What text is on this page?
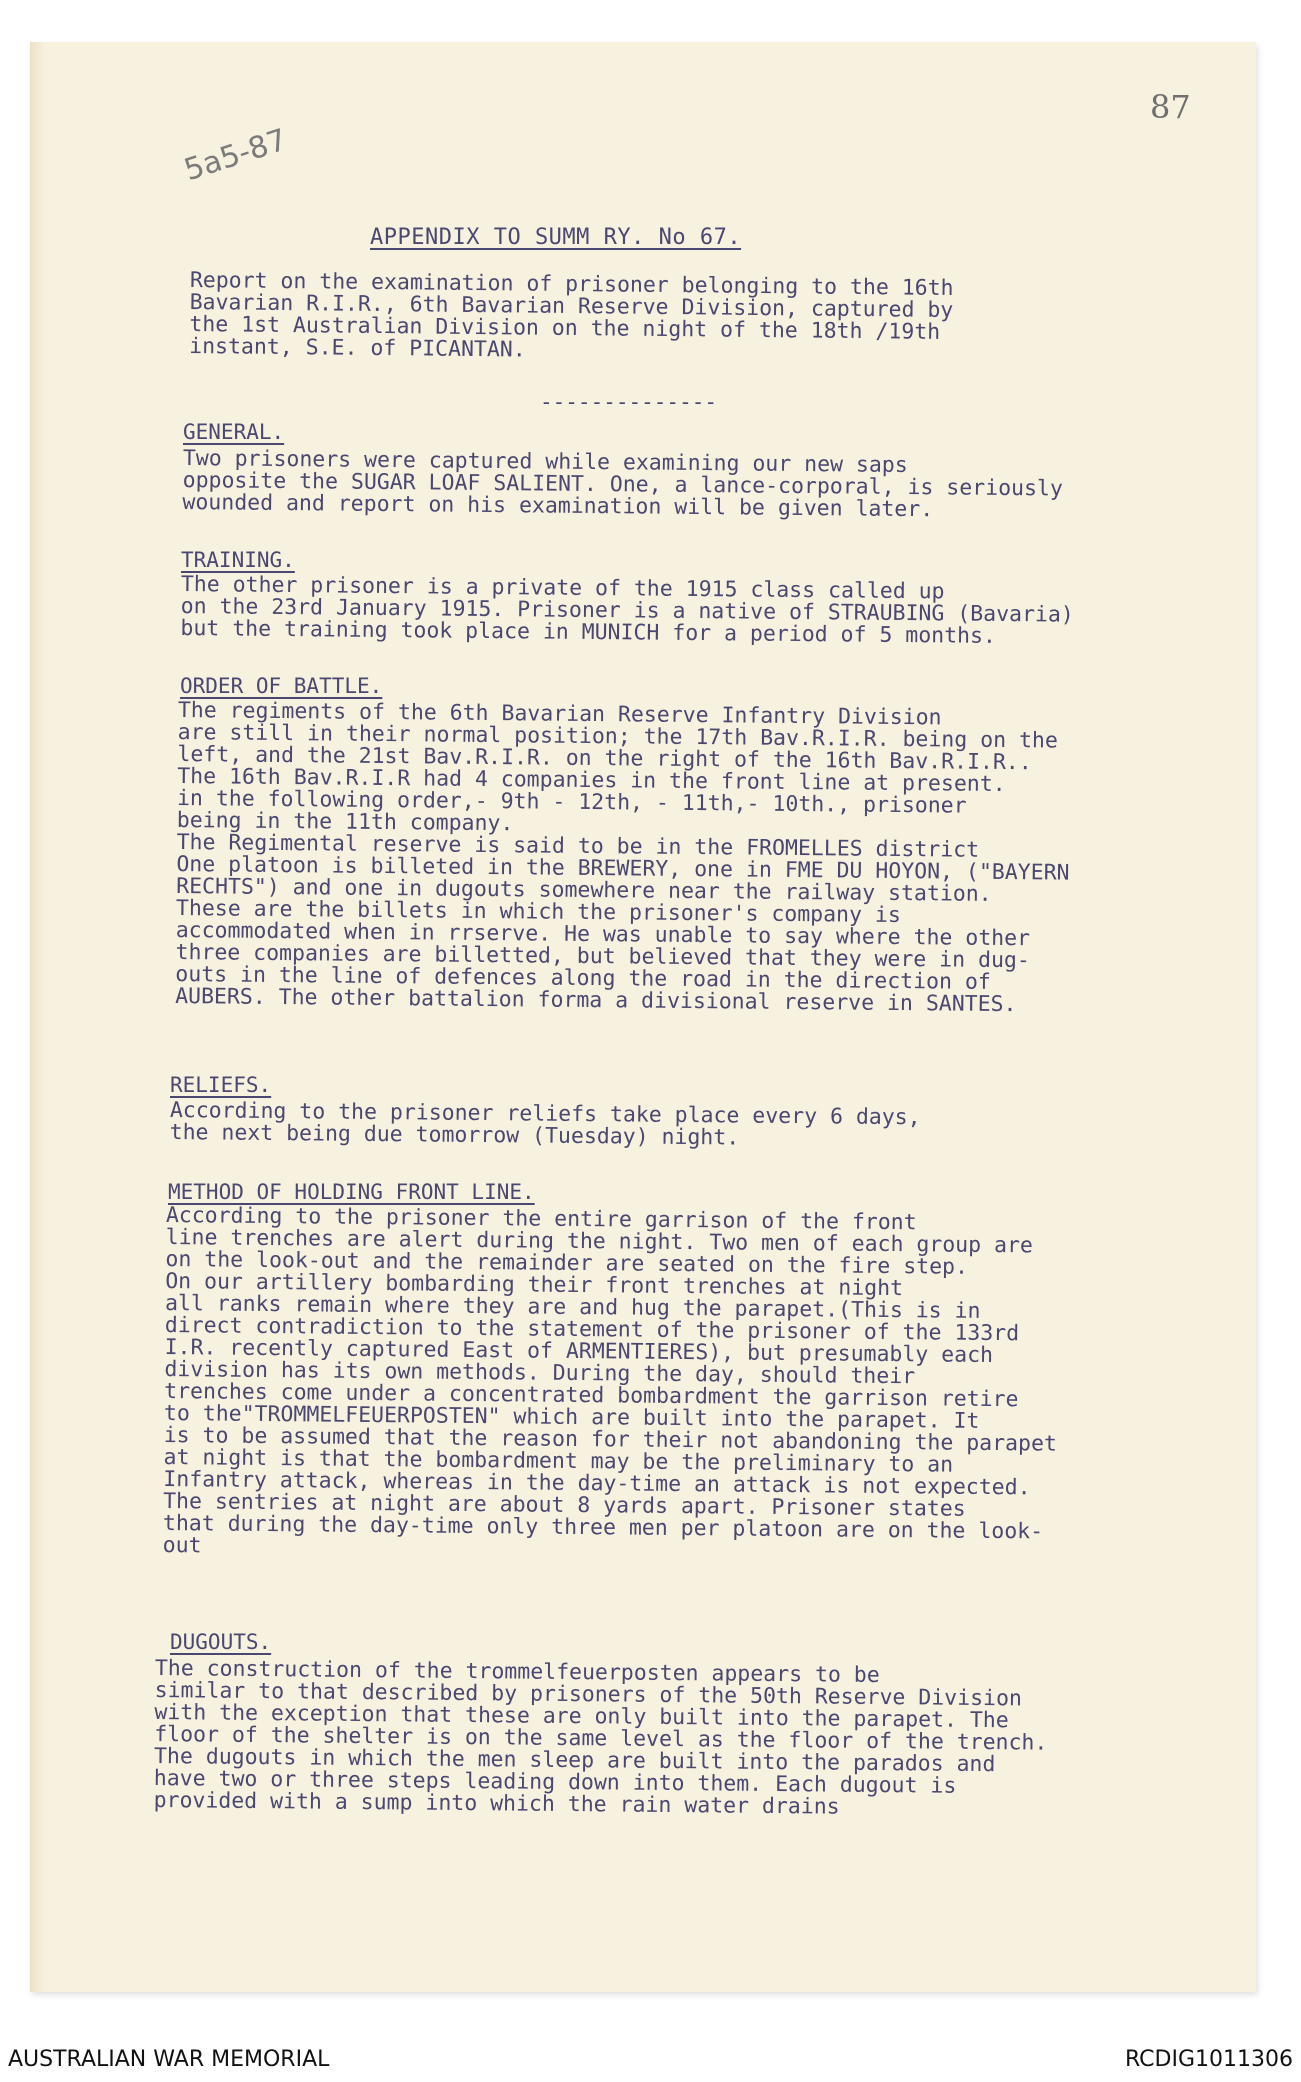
87
5a5-87
APPENDIX TO SUMM RY. No 67.
Report on the examination of prisoner belonging to the 16th
Bavarian R.I.R., 6th Bavarian Reserve Division, captured by
the 1st Australian Division on the night of the 18th /19th
instant, S.E. of PICANTAN.
--------------
GENERAL.
Two prisoners were captured while examining our new saps
opposite the SUGAR LOAF SALIENT. One, a lance-corporal, is seriously
wounded and report on his examination will be given later.
TRAINING.
The other prisoner is a private of the 1915 class called up
on the 23rd January 1915. Prisoner is a native of STRAUBING (Bavaria)
but the training took place in MUNICH for a period of 5 months.
ORDER OF BATTLE.
The regiments of the 6th Bavarian Reserve Infantry Division
are still in their normal position; the 17th Bav.R.I.R. being on the
left, and the 21st Bav.R.I.R. on the right of the 16th Bav.R.I.R..
The 16th Bav.R.I.R had 4 companies in the front line at present.
in the following order,- 9th - 12th, - 11th,- 10th., prisoner
being in the 11th company.
The Regimental reserve is said to be in the FROMELLES district
One platoon is billeted in the BREWERY, one in FME DU HOYON, ("BAYERN
RECHTS") and one in dugouts somewhere near the railway station.
These are the billets in which the prisoner's company is
accommodated when in rrserve. He was unable to say where the other
three companies are billetted, but believed that they were in dug-
outs in the line of defences along the road in the direction of
AUBERS. The other battalion forma a divisional reserve in SANTES.
RELIEFS.
According to the prisoner reliefs take place every 6 days,
the next being due tomorrow (Tuesday) night.
METHOD OF HOLDING FRONT LINE.
According to the prisoner the entire garrison of the front
line trenches are alert during the night. Two men of each group are
on the look-out and the remainder are seated on the fire step.
On our artillery bombarding their front trenches at night
all ranks remain where they are and hug the parapet.(This is in
direct contradiction to the statement of the prisoner of the 133rd
I.R. recently captured East of ARMENTIERES), but presumably each
division has its own methods. During the day, should their
trenches come under a concentrated bombardment the garrison retire
to the"TROMMELFEUERPOSTEN" which are built into the parapet. It
is to be assumed that the reason for their not abandoning the parapet
at night is that the bombardment may be the preliminary to an
Infantry attack, whereas in the day-time an attack is not expected.
The sentries at night are about 8 yards apart. Prisoner states
that during the day-time only three men per platoon are on the look-
out
DUGOUTS.
The construction of the trommelfeuerposten appears to be
similar to that described by prisoners of the 50th Reserve Division
with the exception that these are only built into the parapet. The
floor of the shelter is on the same level as the floor of the trench.
The dugouts in which the men sleep are built into the parados and
have two or three steps leading down into them. Each dugout is
provided with a sump into which the rain water drains
AUSTRALIAN WAR MEMORIAL	RCDIG1011306
